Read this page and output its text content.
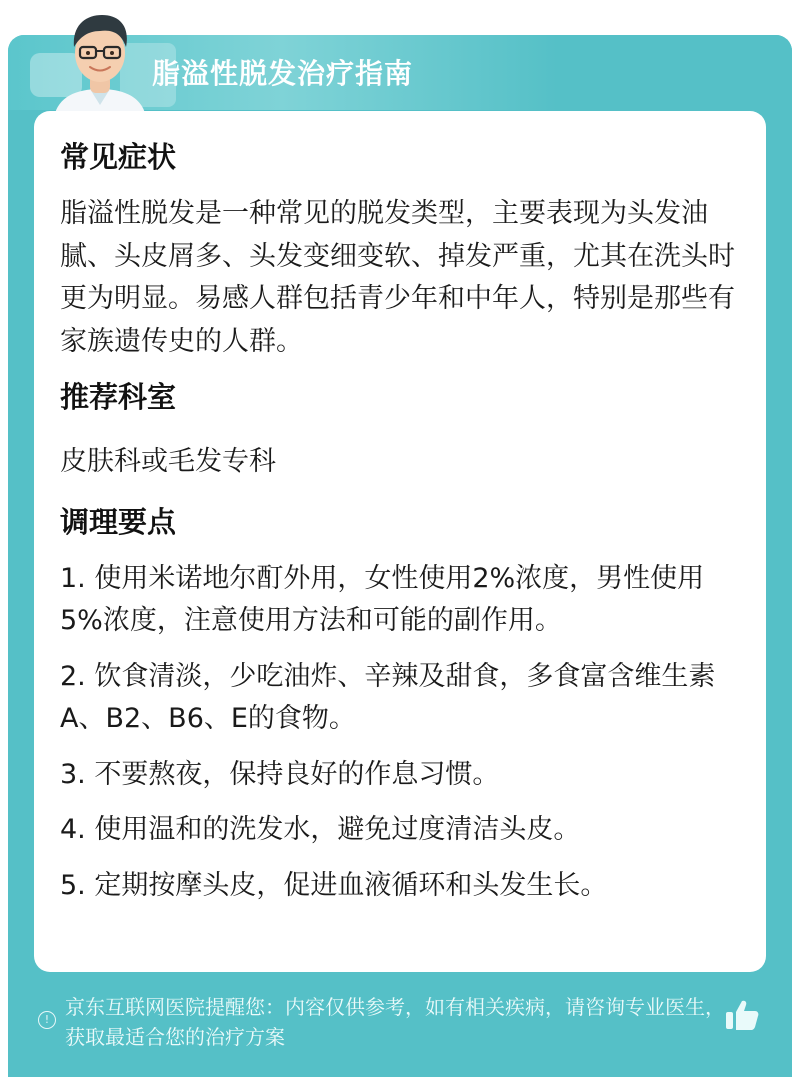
脂溢性脱发治疗指南
常见症状

脂溢性脱发是一种常见的脱发类型，主要表现为头发油腻、头皮屑多、头发变细变软、掉发严重，尤其在洗头时更为明显。易感人群包括青少年和中年人，特别是那些有家族遗传史的人群。

推荐科室

皮肤科或毛发专科

调理要点
1. 使用米诺地尔酊外用，女性使用2%浓度，男性使用5%浓度，注意使用方法和可能的副作用。
2. 饮食清淡，少吃油炸、辛辣及甜食，多食富含维生素A、B2、B6、E的食物。
3. 不要熬夜，保持良好的作息习惯。
4. 使用温和的洗发水，避免过度清洁头皮。
5. 定期按摩头皮，促进血液循环和头发生长。
!
京东互联网医院提醒您：内容仅供参考，如有相关疾病，请咨询专业医生，获取最适合您的治疗方案
